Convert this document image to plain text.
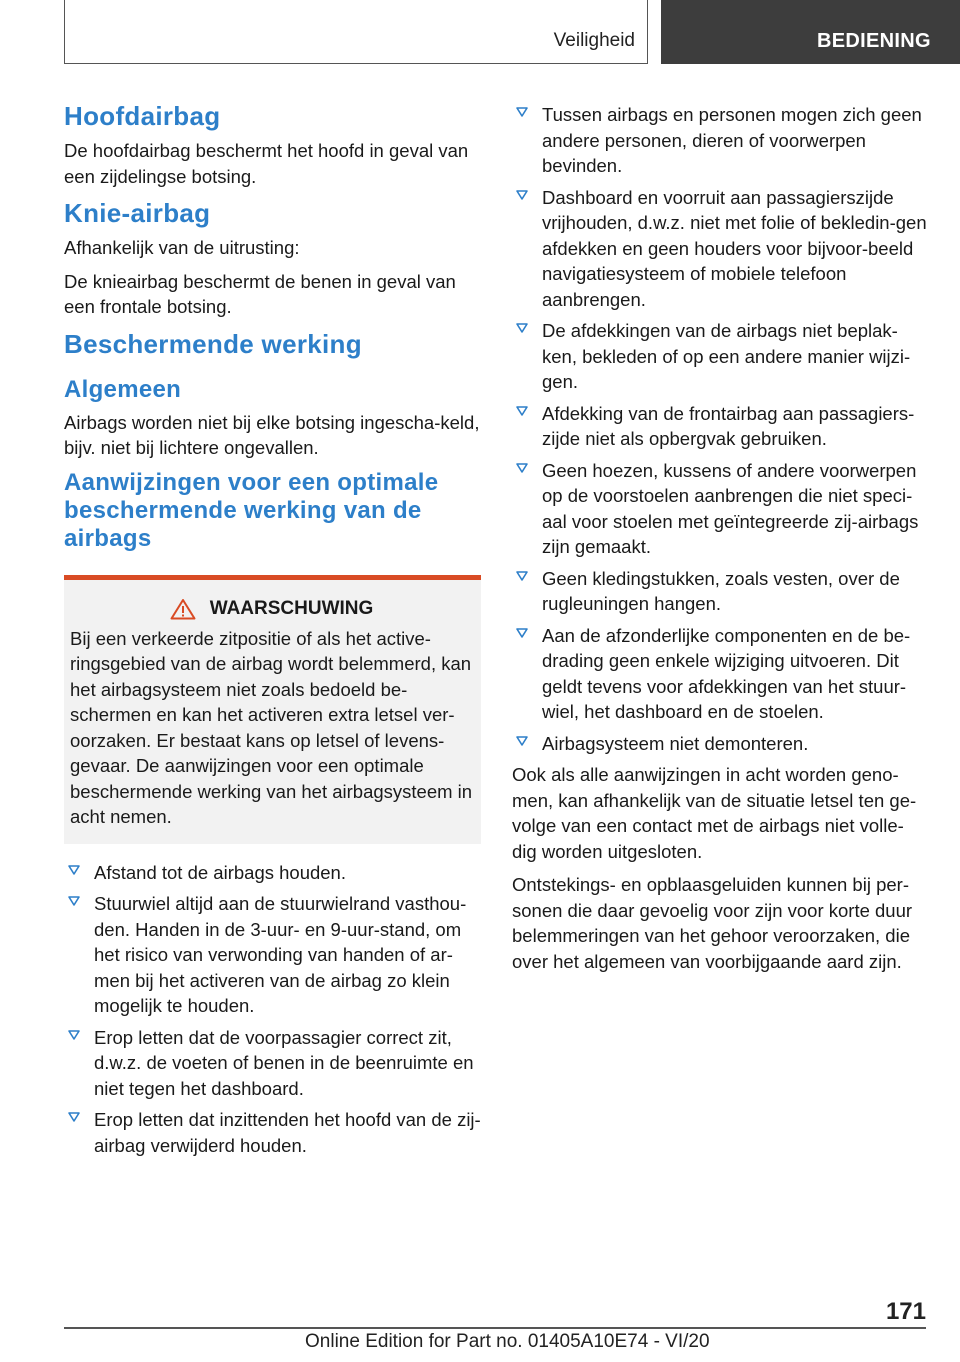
Veiligheid	BEDIENING
Hoofdairbag

De hoofdairbag beschermt het hoofd in geval van een zijdelingse botsing.

Knie-airbag

Afhankelijk van de uitrusting:

De knieairbag beschermt de benen in geval van een frontale botsing.

Beschermende werking
Algemeen

Airbags worden niet bij elke botsing ingescha-keld, bijv. niet bij lichtere ongevallen.

Aanwijzingen voor een optimale beschermende werking van de airbags
WAARSCHUWING

Bij een verkeerde zitpositie of als het active-ringsgebied van de airbag wordt belemmerd, kan het airbagsysteem niet zoals bedoeld be-schermen en kan het activeren extra letsel ver-oorzaken. Er bestaat kans op letsel of levens-gevaar. De aanwijzingen voor een optimale beschermende werking van het airbagsysteem in acht nemen.

Afstand tot de airbags houden.
Stuurwiel altijd aan de stuurwielrand vasthou-den. Handen in de 3-uur- en 9-uur-stand, om het risico van verwonding van handen of ar-men bij het activeren van de airbag zo klein mogelijk te houden.
Erop letten dat de voorpassagier correct zit, d.w.z. de voeten of benen in de beenruimte en niet tegen het dashboard.
Erop letten dat inzittenden het hoofd van de zij-airbag verwijderd houden.
Tussen airbags en personen mogen zich geen andere personen, dieren of voorwerpen bevinden.
Dashboard en voorruit aan passagierszijde vrijhouden, d.w.z. niet met folie of bekledin-gen afdekken en geen houders voor bijvoor-beeld navigatiesysteem of mobiele telefoon aanbrengen.
De afdekkingen van de airbags niet beplak-ken, bekleden of op een andere manier wijzi-gen.
Afdekking van de frontairbag aan passagiers-zijde niet als opbergvak gebruiken.
Geen hoezen, kussens of andere voorwerpen op de voorstoelen aanbrengen die niet speci-aal voor stoelen met geïntegreerde zij-airbags zijn gemaakt.
Geen kledingstukken, zoals vesten, over de rugleuningen hangen.
Aan de afzonderlijke componenten en de be-drading geen enkele wijziging uitvoeren. Dit geldt tevens voor afdekkingen van het stuur-wiel, het dashboard en de stoelen.
Airbagsysteem niet demonteren.

Ook als alle aanwijzingen in acht worden geno-men, kan afhankelijk van de situatie letsel ten ge-volge van een contact met de airbags niet volle-dig worden uitgesloten.

Ontstekings- en opblaasgeluiden kunnen bij per-sonen die daar gevoelig voor zijn voor korte duur belemmeringen van het gehoor veroorzaken, die over het algemeen van voorbijgaande aard zijn.

171
Online Edition for Part no. 01405A10E74 - VI/20
